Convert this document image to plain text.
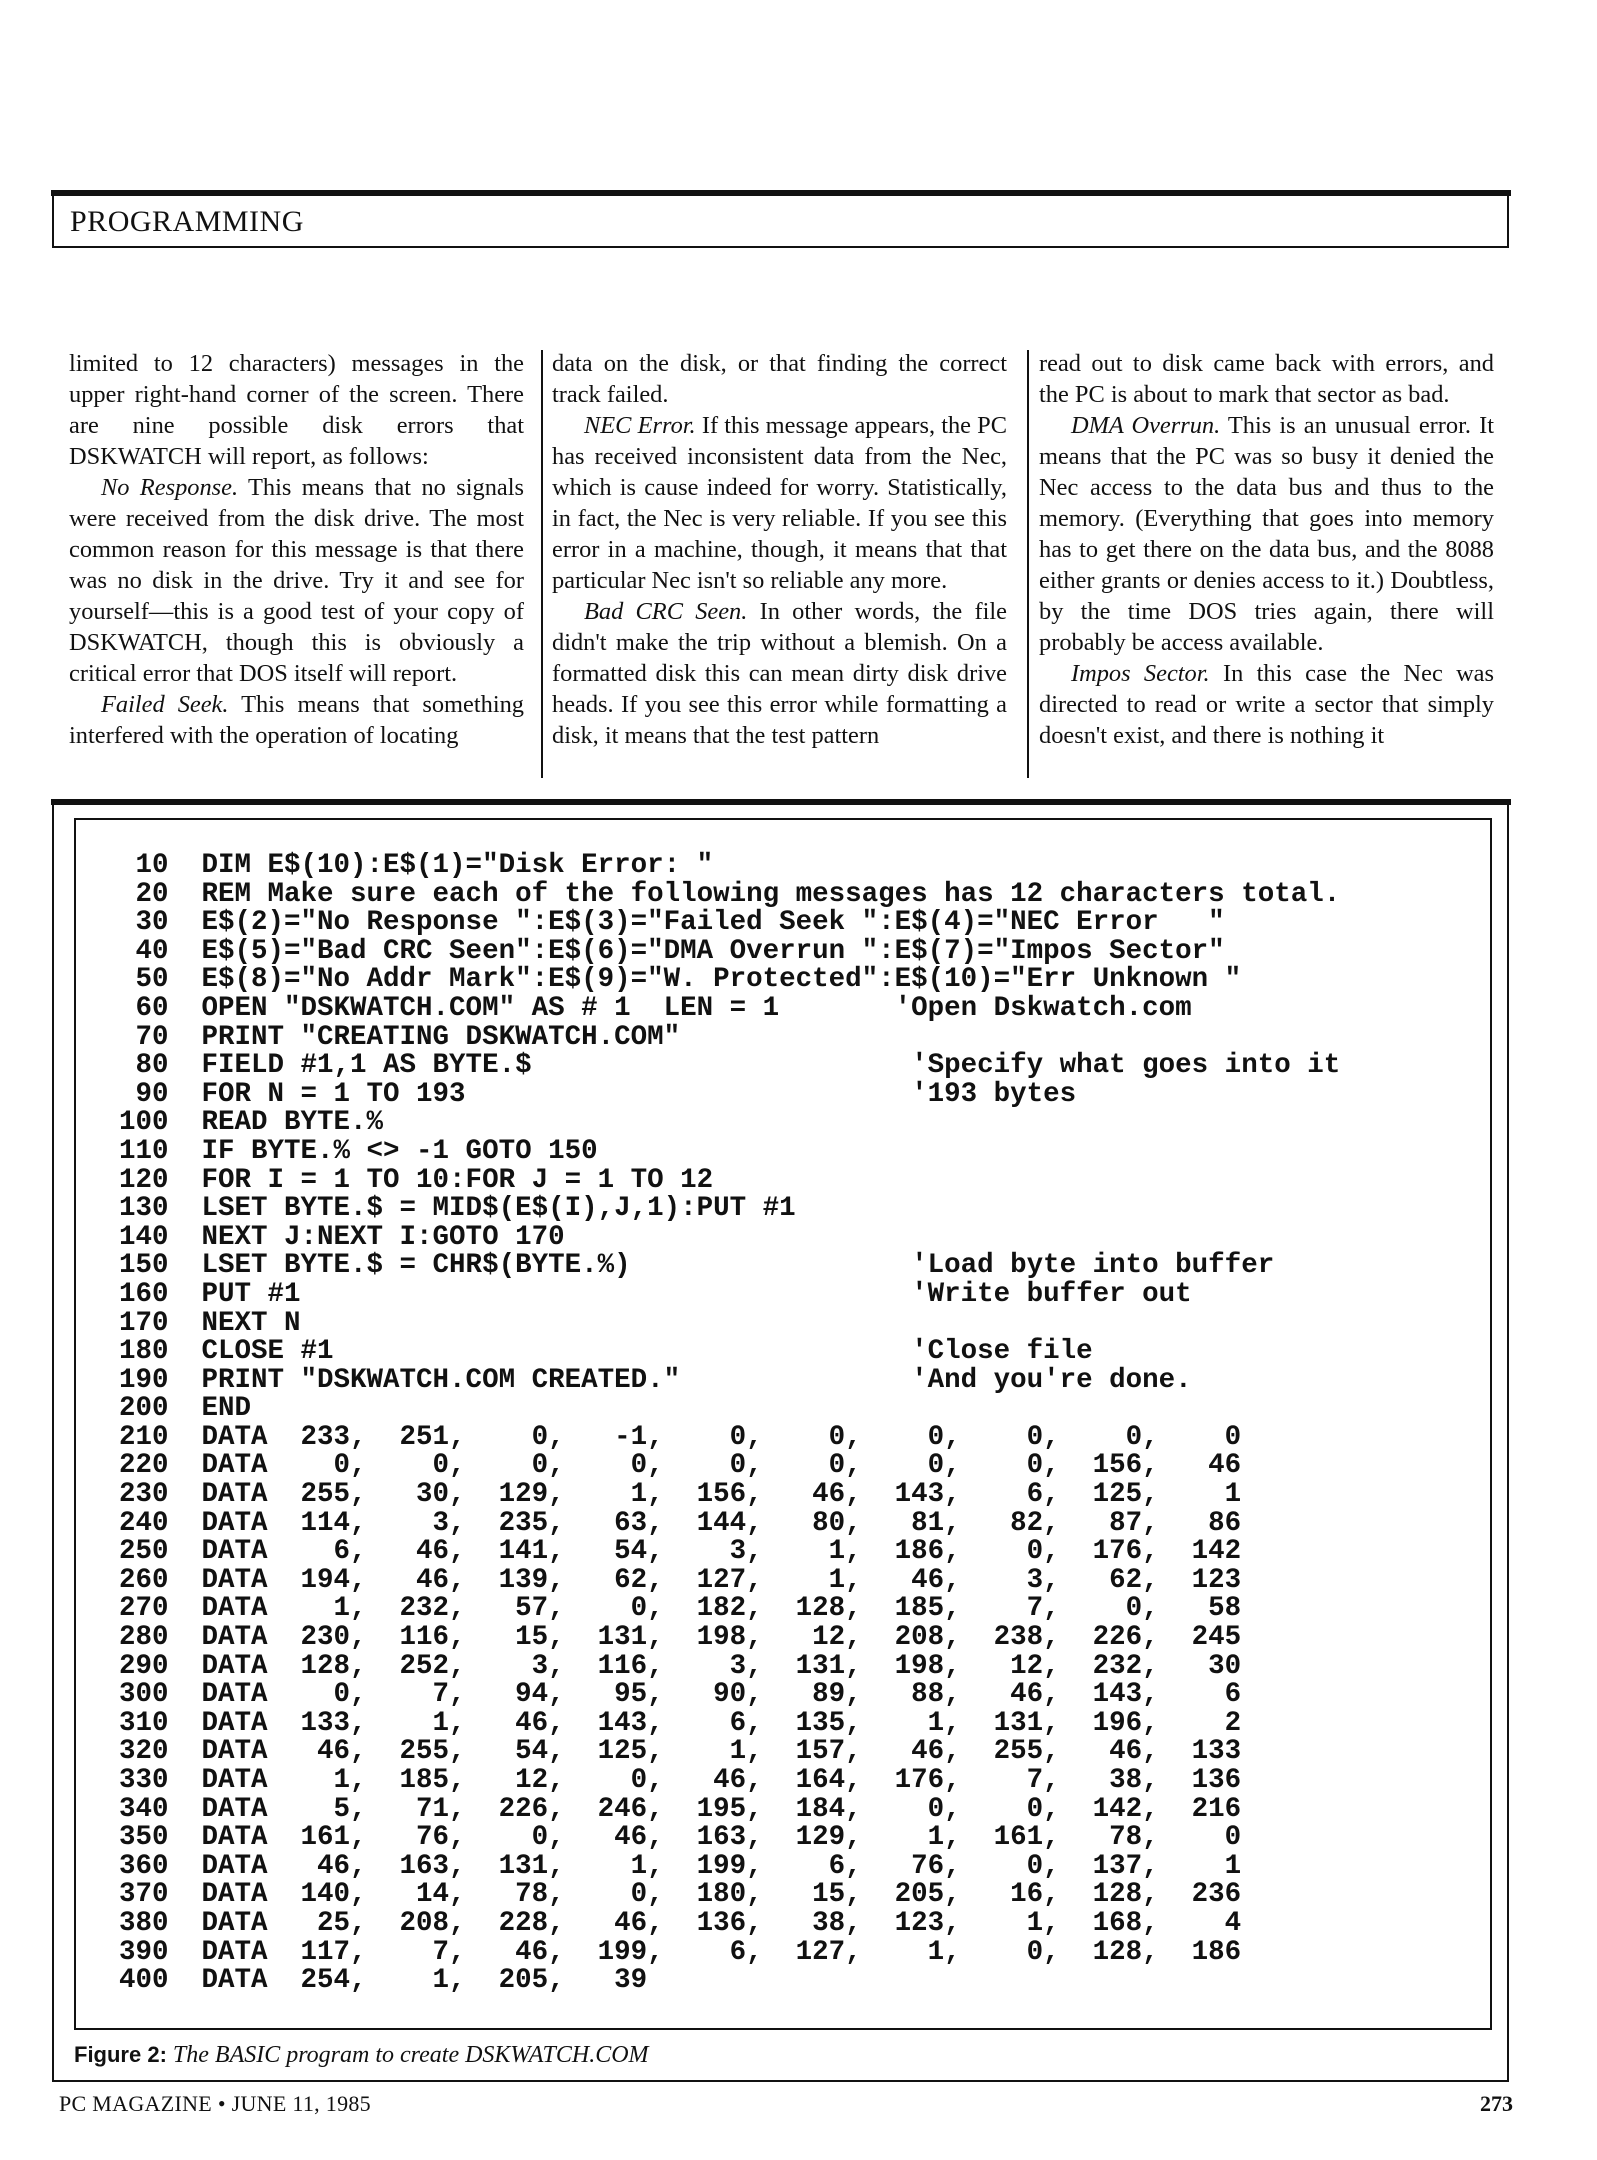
PROGRAMMING

limited to 12 characters) messages in the upper right-hand corner of the screen. There are nine possible disk errors that DSKWATCH will report, as follows:

No Response. This means that no signals were received from the disk drive. The most common reason for this message is that there was no disk in the drive. Try it and see for yourself—this is a good test of your copy of DSKWATCH, though this is obviously a critical error that DOS itself will report.

Failed Seek. This means that something interfered with the operation of locating

data on the disk, or that finding the correct track failed.

NEC Error. If this message appears, the PC has received inconsistent data from the Nec, which is cause indeed for worry. Statistically, in fact, the Nec is very reliable. If you see this error in a machine, though, it means that that particular Nec isn't so reliable any more.

Bad CRC Seen. In other words, the file didn't make the trip without a blemish. On a formatted disk this can mean dirty disk drive heads. If you see this error while formatting a disk, it means that the test pattern

read out to disk came back with errors, and the PC is about to mark that sector as bad.

DMA Overrun. This is an unusual error. It means that the PC was so busy it denied the Nec access to the data bus and thus to the memory. (Everything that goes into memory has to get there on the data bus, and the 8088 either grants or denies access to it.) Doubtless, by the time DOS tries again, there will probably be access available.

Impos Sector. In this case the Nec was directed to read or write a sector that simply doesn't exist, and there is nothing it

10  DIM E$(10):E$(1)="Disk Error: "
20  REM Make sure each of the following messages has 12 characters total.
30  E$(2)="No Response ":E$(3)="Failed Seek ":E$(4)="NEC Error   "
40  E$(5)="Bad CRC Seen":E$(6)="DMA Overrun ":E$(7)="Impos Sector"
50  E$(8)="No Addr Mark":E$(9)="W. Protected":E$(10)="Err Unknown "
60  OPEN "DSKWATCH.COM" AS # 1  LEN = 1       'Open Dskwatch.com
70  PRINT "CREATING DSKWATCH.COM"
80  FIELD #1,1 AS BYTE.$                       'Specify what goes into it
90  FOR N = 1 TO 193                           '193 bytes
100  READ BYTE.%
110  IF BYTE.% <> -1 GOTO 150
120  FOR I = 1 TO 10:FOR J = 1 TO 12
130  LSET BYTE.$ = MID$(E$(I),J,1):PUT #1
140  NEXT J:NEXT I:GOTO 170
150  LSET BYTE.$ = CHR$(BYTE.%)                 'Load byte into buffer
160  PUT #1                                     'Write buffer out
170  NEXT N
180  CLOSE #1                                   'Close file
190  PRINT "DSKWATCH.COM CREATED."              'And you're done.
200  END
210  DATA  233,  251,    0,   -1,    0,    0,    0,    0,    0,    0
220  DATA    0,    0,    0,    0,    0,    0,    0,    0,  156,   46
230  DATA  255,   30,  129,    1,  156,   46,  143,    6,  125,    1
240  DATA  114,    3,  235,   63,  144,   80,   81,   82,   87,   86
250  DATA    6,   46,  141,   54,    3,    1,  186,    0,  176,  142
260  DATA  194,   46,  139,   62,  127,    1,   46,    3,   62,  123
270  DATA    1,  232,   57,    0,  182,  128,  185,    7,    0,   58
280  DATA  230,  116,   15,  131,  198,   12,  208,  238,  226,  245
290  DATA  128,  252,    3,  116,    3,  131,  198,   12,  232,   30
300  DATA    0,    7,   94,   95,   90,   89,   88,   46,  143,    6
310  DATA  133,    1,   46,  143,    6,  135,    1,  131,  196,    2
320  DATA   46,  255,   54,  125,    1,  157,   46,  255,   46,  133
330  DATA    1,  185,   12,    0,   46,  164,  176,    7,   38,  136
340  DATA    5,   71,  226,  246,  195,  184,    0,    0,  142,  216
350  DATA  161,   76,    0,   46,  163,  129,    1,  161,   78,    0
360  DATA   46,  163,  131,    1,  199,    6,   76,    0,  137,    1
370  DATA  140,   14,   78,    0,  180,   15,  205,   16,  128,  236
380  DATA   25,  208,  228,   46,  136,   38,  123,    1,  168,    4
390  DATA  117,    7,   46,  199,    6,  127,    1,    0,  128,  186
400  DATA  254,    1,  205,   39
Figure 2: The BASIC program to create DSKWATCH.COM
PC MAGAZINE • JUNE 11, 1985	273
